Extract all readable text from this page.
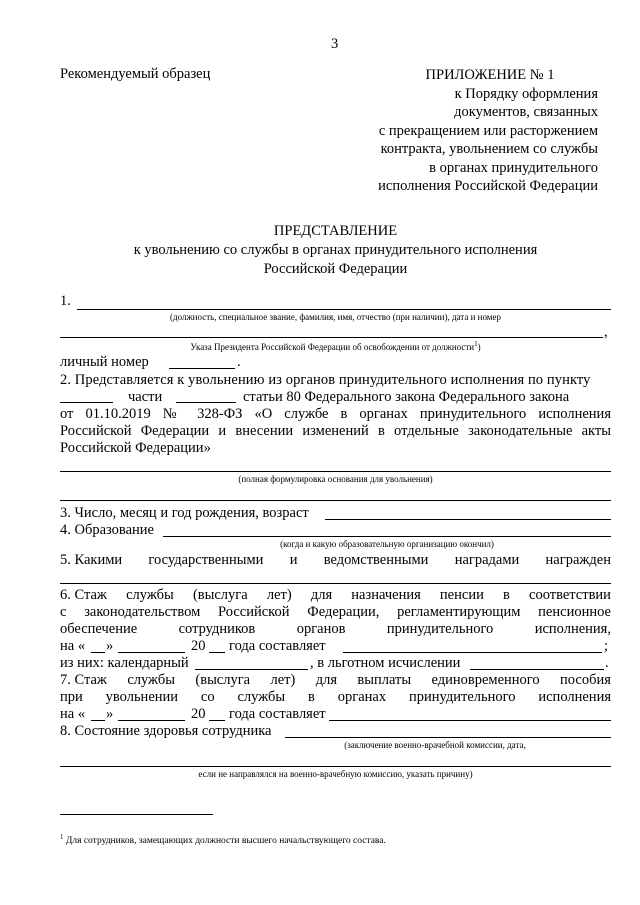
3
Рекомендуемый образец	ПРИЛОЖЕНИЕ № 1
к Порядку оформления
документов, связанных
с прекращением или расторжением
контракта, увольнением со службы
в органах принудительного
исполнения Российской Федерации
ПРЕДСТАВЛЕНИЕ
к увольнению со службы в органах принудительного исполнения
Российской Федерации
1.
(должность, специальное звание, фамилия, имя, отчество (при наличии), дата и номер
,
Указа Президента Российской Федерации об освобождении от должности$^1$)
личный номер	.
2. Представляется к увольнению из органов принудительного исполнения по пункту
части	статьи 80 Федерального закона Федерального закона
от 01.10.2019 № 328-ФЗ «О службе в органах принудительного исполнения
Российской Федерации и внесении изменений в отдельные законодательные акты
Российской Федерации»
(полная формулировка основания для увольнения)
3. Число, месяц и год рождения, возраст
4. Образование
(когда и какую образовательную организацию окончил)
5. Какими государственными и ведомственными наградами награжден
6. Стаж службы (выслуга лет) для назначения пенсии в соответствии
с законодательством Российской Федерации, регламентирующим пенсионное
обеспечение	сотрудников	органов	принудительного	исполнения,
на « »	20 года составляет	;
из них: календарный	, в льготном исчислении	.
7. Стаж службы (выслуга лет) для выплаты единовременного пособия
при увольнении со службы в органах принудительного исполнения
на « »	20 года составляет
8. Состояние здоровья сотрудника
(заключение военно-врачебной комиссии, дата,
если не направлялся на военно-врачебную комиссию, указать причину)
$^1$ Для сотрудников, замещающих должности высшего начальствующего состава.
